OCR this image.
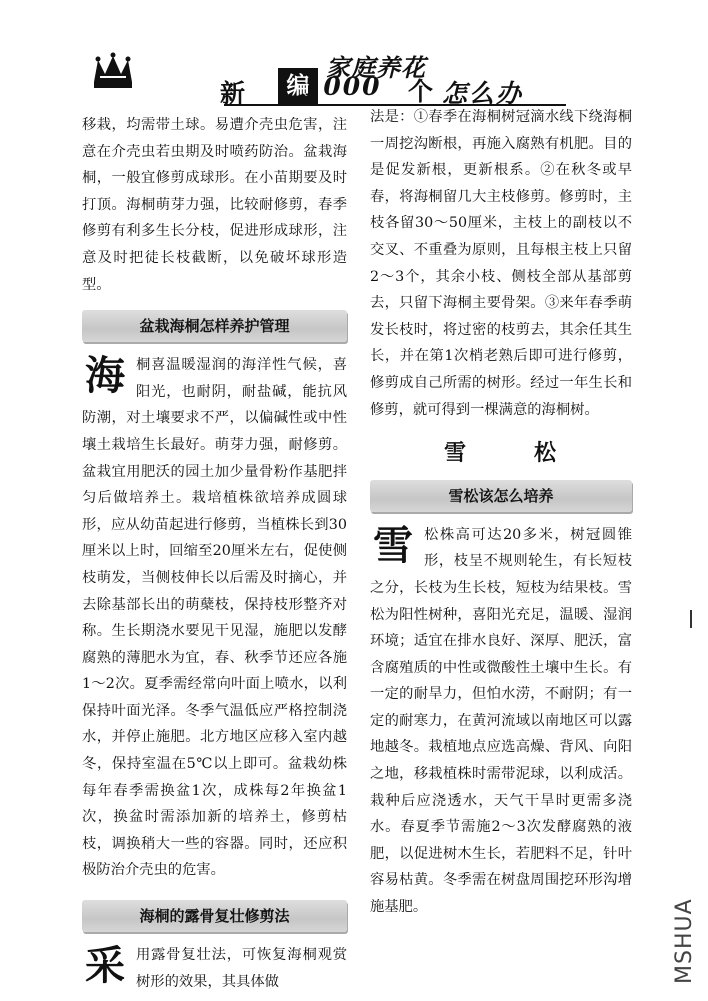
家庭养花
新	编
1000 个 怎么办

移栽，均需带土球。易遭介壳虫危害，注意在介壳虫若虫期及时喷药防治。盆栽海桐，一般宜修剪成球形。在小苗期要及时打顶。海桐萌芽力强，比较耐修剪，春季修剪有利多生长分枝，促进形成球形，注意及时把徒长枝截断，以免破坏球形造型。

盆栽海桐怎样养护管理

海桐喜温暖湿润的海洋性气候，喜阳光，也耐阴，耐盐碱，能抗风防潮，对土壤要求不严，以偏碱性或中性壤土栽培生长最好。萌芽力强，耐修剪。盆栽宜用肥沃的园土加少量骨粉作基肥拌匀后做培养土。栽培植株欲培养成圆球形，应从幼苗起进行修剪，当植株长到30厘米以上时，回缩至20厘米左右，促使侧枝萌发，当侧枝伸长以后需及时摘心，并去除基部长出的萌蘖枝，保持枝形整齐对称。生长期浇水要见干见湿，施肥以发酵腐熟的薄肥水为宜，春、秋季节还应各施1～2次。夏季需经常向叶面上喷水，以利保持叶面光泽。冬季气温低应严格控制浇水，并停止施肥。北方地区应移入室内越冬，保持室温在5℃以上即可。盆栽幼株每年春季需换盆1次，成株每2年换盆1次，换盆时需添加新的培养土，修剪枯枝，调换稍大一些的容器。同时，还应积极防治介壳虫的危害。

海桐的露骨复壮修剪法

采用露骨复壮法，可恢复海桐观赏树形的效果，其具体做

法是：①春季在海桐树冠滴水线下绕海桐一周挖沟断根，再施入腐熟有机肥。目的是促发新根，更新根系。②在秋冬或早春，将海桐留几大主枝修剪。修剪时，主枝各留30～50厘米，主枝上的副枝以不交叉、不重叠为原则，且每根主枝上只留2～3个，其余小枝、侧枝全部从基部剪去，只留下海桐主要骨架。③来年春季萌发长枝时，将过密的枝剪去，其余任其生长，并在第1次梢老熟后即可进行修剪，修剪成自己所需的树形。经过一年生长和修剪，就可得到一棵满意的海桐树。

雪松
雪松该怎么培养

雪松株高可达20多米，树冠圆锥形，枝呈不规则轮生，有长短枝之分，长枝为生长枝，短枝为结果枝。雪松为阳性树种，喜阳光充足，温暖、湿润环境；适宜在排水良好、深厚、肥沃，富含腐殖质的中性或微酸性土壤中生长。有一定的耐旱力，但怕水涝，不耐阴；有一定的耐寒力，在黄河流域以南地区可以露地越冬。栽植地点应选高燥、背风、向阳之地，移栽植株时需带泥球，以利成活。栽种后应浇透水，天气干旱时更需多浇水。春夏季节需施2～3次发酵腐熟的液肥，以促进树木生长，若肥料不足，针叶容易枯黄。冬季需在树盘周围挖环形沟增施基肥。	MSHUA
